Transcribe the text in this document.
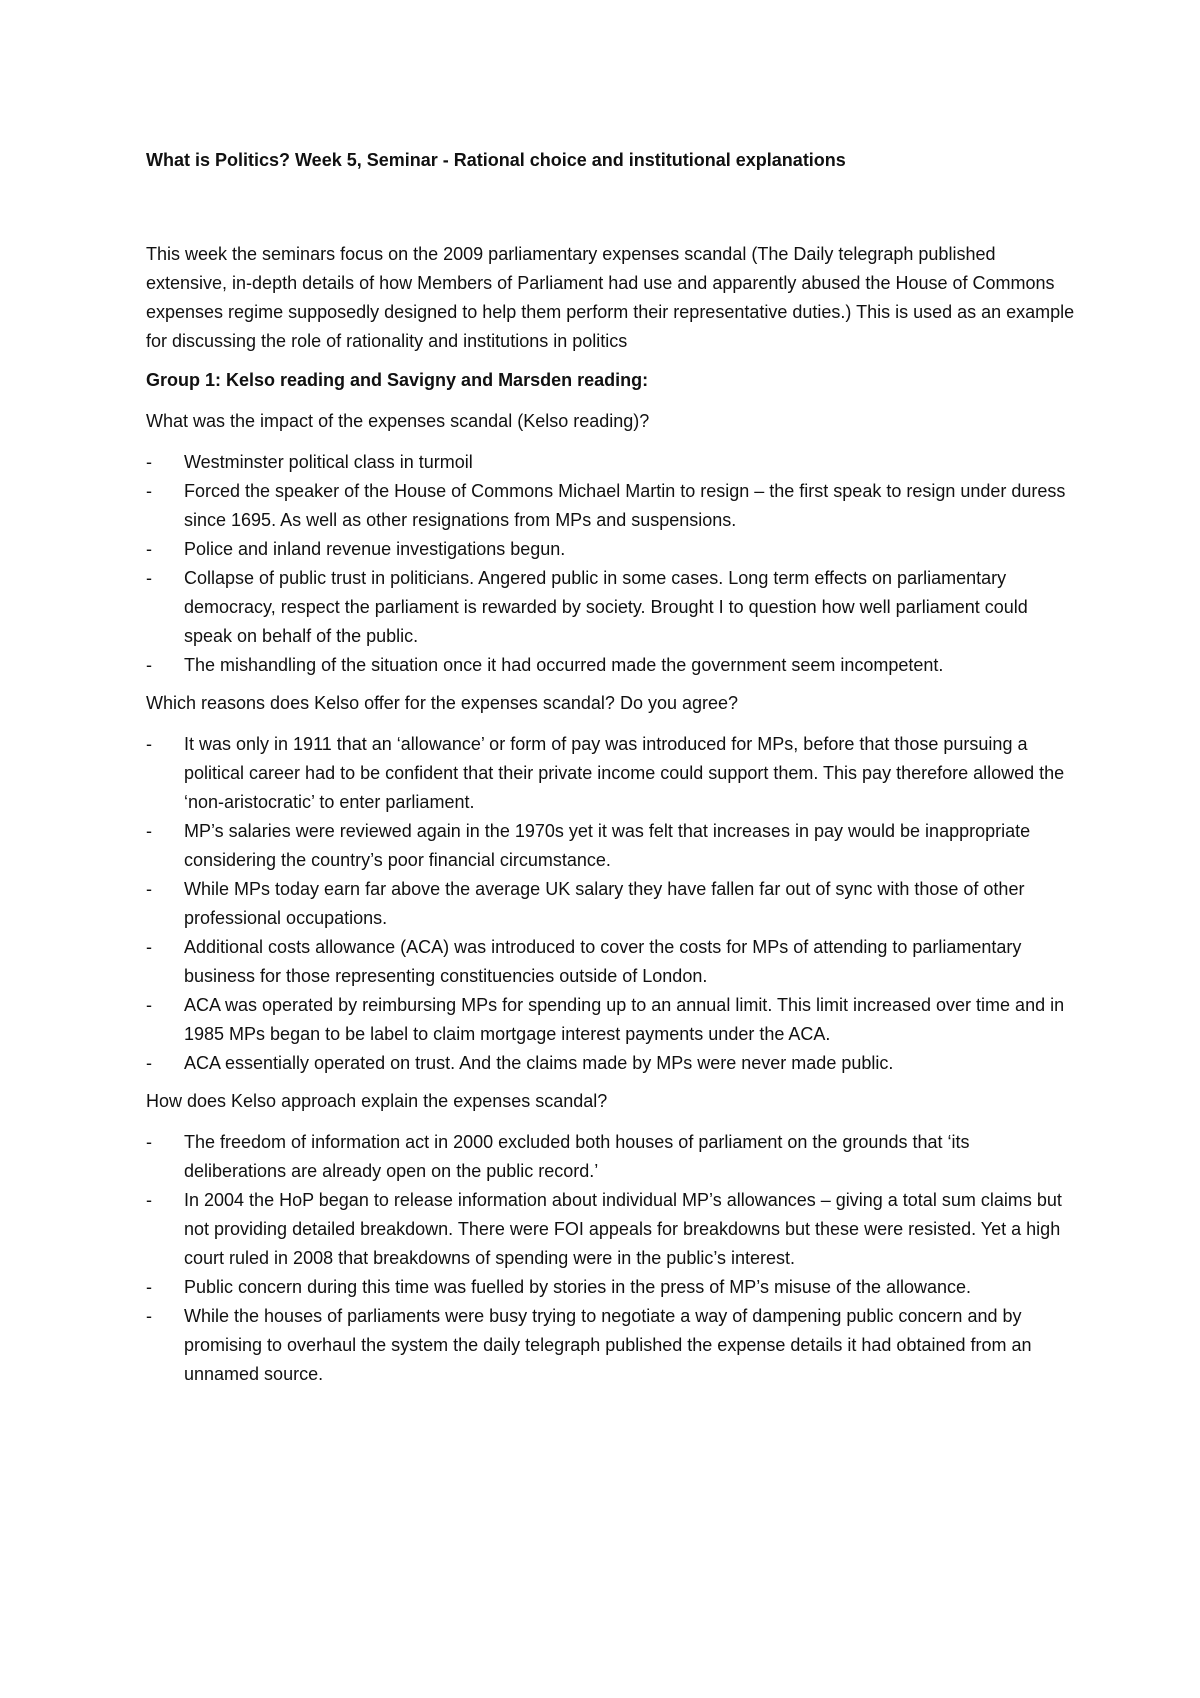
What is Politics? Week 5, Seminar - Rational choice and institutional explanations
This week the seminars focus on the 2009 parliamentary expenses scandal (The Daily telegraph published extensive, in-depth details of how Members of Parliament had use and apparently abused the House of Commons expenses regime supposedly designed to help them perform their representative duties.) This is used as an example for discussing the role of rationality and institutions in politics
Group 1: Kelso reading and Savigny and Marsden reading:
What was the impact of the expenses scandal (Kelso reading)?
- Westminster political class in turmoil
- Forced the speaker of the House of Commons Michael Martin to resign – the first speak to resign under duress since 1695. As well as other resignations from MPs and suspensions.
- Police and inland revenue investigations begun.
- Collapse of public trust in politicians. Angered public in some cases. Long term effects on parliamentary democracy, respect the parliament is rewarded by society. Brought I to question how well parliament could speak on behalf of the public.
- The mishandling of the situation once it had occurred made the government seem incompetent.
Which reasons does Kelso offer for the expenses scandal? Do you agree?
- It was only in 1911 that an ‘allowance’ or form of pay was introduced for MPs, before that those pursuing a political career had to be confident that their private income could support them. This pay therefore allowed the ‘non-aristocratic’ to enter parliament.
- MP’s salaries were reviewed again in the 1970s yet it was felt that increases in pay would be inappropriate considering the country’s poor financial circumstance.
- While MPs today earn far above the average UK salary they have fallen far out of sync with those of other professional occupations.
- Additional costs allowance (ACA) was introduced to cover the costs for MPs of attending to parliamentary business for those representing constituencies outside of London.
- ACA was operated by reimbursing MPs for spending up to an annual limit. This limit increased over time and in 1985 MPs began to be label to claim mortgage interest payments under the ACA.
- ACA essentially operated on trust. And the claims made by MPs were never made public.
How does Kelso approach explain the expenses scandal?
- The freedom of information act in 2000 excluded both houses of parliament on the grounds that ‘its deliberations are already open on the public record.’
- In 2004 the HoP began to release information about individual MP’s allowances – giving a total sum claims but not providing detailed breakdown. There were FOI appeals for breakdowns but these were resisted. Yet a high court ruled in 2008 that breakdowns of spending were in the public’s interest.
- Public concern during this time was fuelled by stories in the press of MP’s misuse of the allowance.
- While the houses of parliaments were busy trying to negotiate a way of dampening public concern and by promising to overhaul the system the daily telegraph published the expense details it had obtained from an unnamed source.
